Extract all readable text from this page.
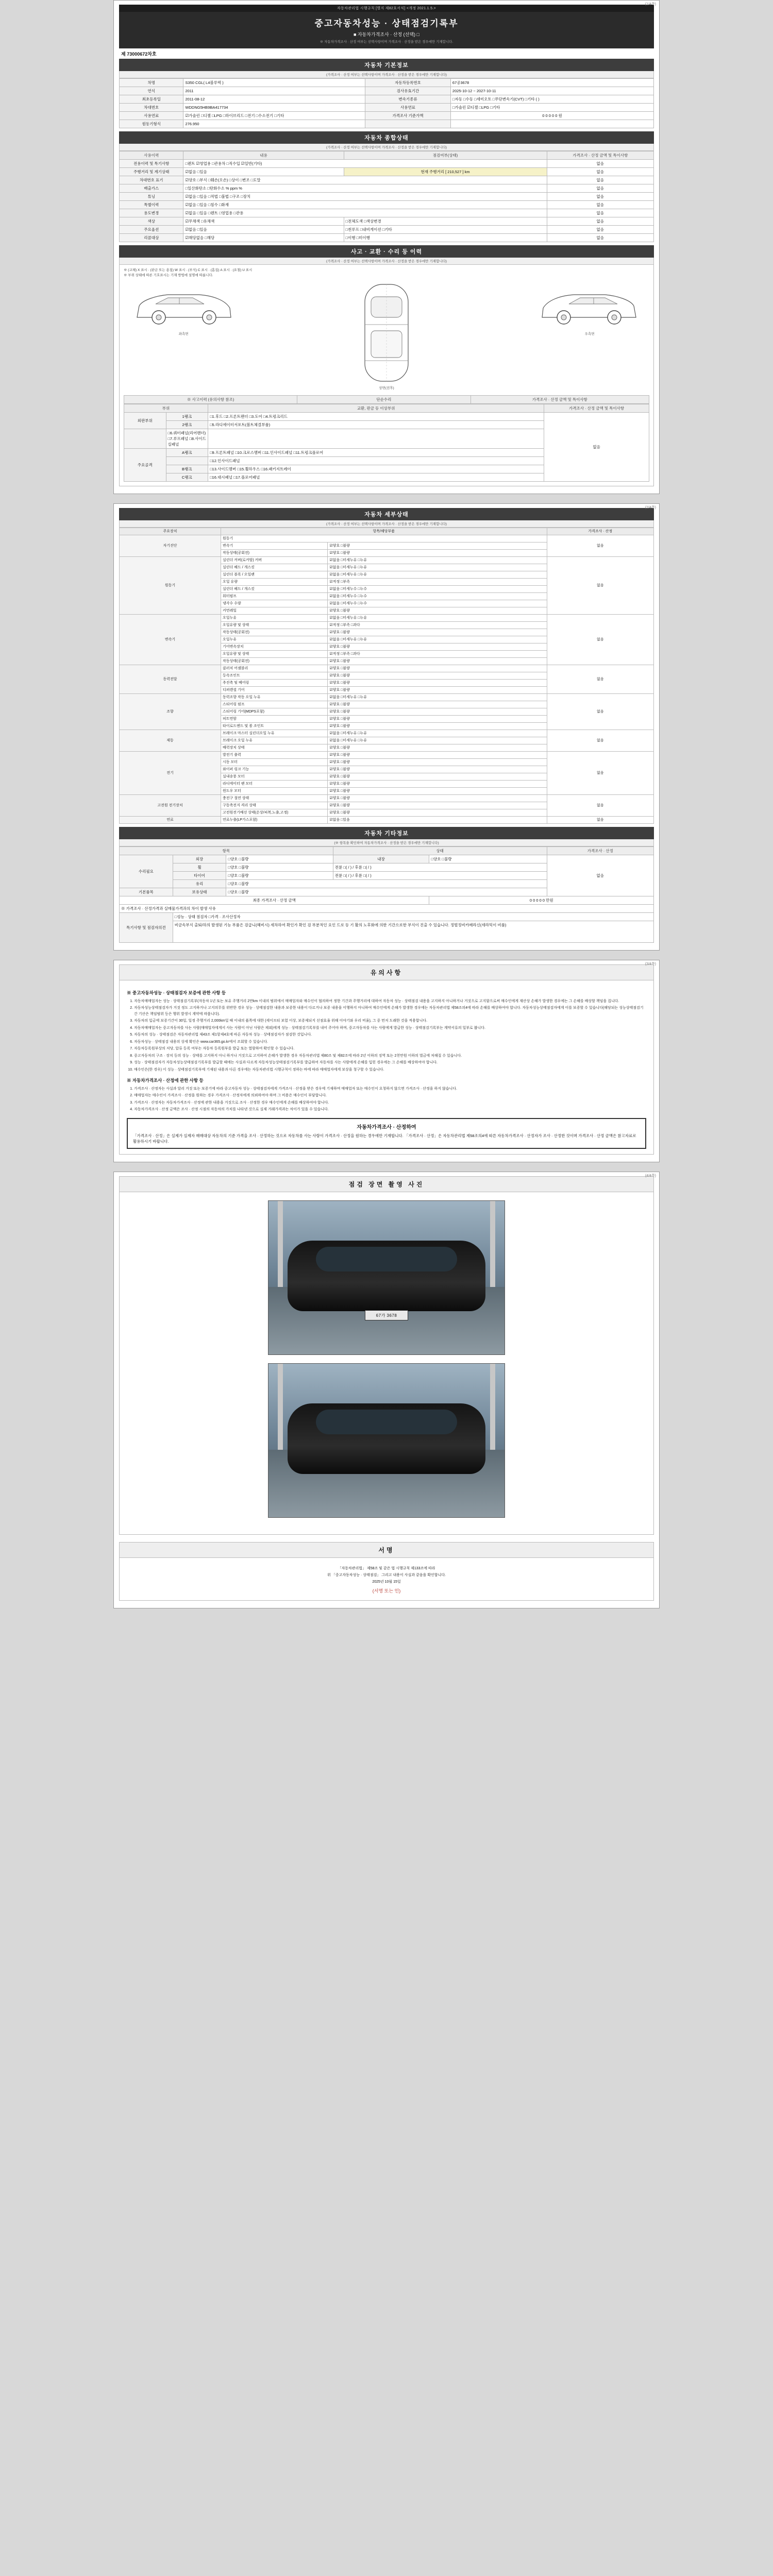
(1/4쪽)
자동차관리법 시행규칙 [별지 제82호서식] <개정 2021.1.5.>
중고자동차성능 · 상태점검기록부
■ 자동차가격조사 · 산정 (선택) □
※ 자동차가격조사 · 산정 여부는 선택사항이며 가격조사 · 산정을 받은 경우에만 기재합니다.
제 73000672차호
자동차 기본정보
(가격조사 · 산정 여부는 선택사항이며 가격조사 · 산정을 받은 경우에만 기재합니다)
차명	S350 CGL( L4블루텍 )	자동차등록번호	67공3678
연식	2011	검사유효기간	2025-10-12 ~ 2027-10-11
최초등록일	2011-08-12	변속기종류	□자동 □수동 □세미오토 □무단변속기(CVT) □기타 ( )
차대번호	WDDNG5HB9BA417734	사용연료	□가솔린 ☑디젤 □LPG □기타
사용연료	☑가솔린 □디젤 □LPG □하이브리드 □전기 □수소전기 □기타	가격조사 기준가액	0 0 0 0 0 원
원동기형식	276.950		
자동차 종합상태
(가격조사 · 산정 여부는 선택사항이며 가격조사 · 산정을 받은 경우에만 기재합니다)
사용이력	내용	점검여부(상태)	가격조사 · 산정 금액 및 특이사항
전용이력 및 특기사항	□렌트 ☑영업용 □관용차 □직수입 ☑일반(기타)		없음
주행거리 및 계기상태	☑없음 □있음	현재 주행거리 [ 210,527 ] km	없음
차대번호 표기	☑양호 □부식 □훼손(오손) □상이 □변조 □도말		없음
배출가스	□일산화탄소 □탄화수소 % ppm %		없음
튜닝	☑없음 □있음 □적법 □불법 □구조 □장치		없음
특별이력	☑없음 □있음 □침수 □화재		없음
용도변경	☑없음 □있음 □렌트 □영업용 □관용		없음
색상	☑무채색 □유채색	□전체도색 □색상변경	없음
주요옵션	☑없음 □있음	□썬루프 □내비게이션 □기타	없음
리콜대상	☑해당없음 □해당	□이행 □미이행	없음
사고 · 교환 · 수리 등 이력
(가격조사 · 산정 여부는 선택사항이며 가격조사 · 산정을 받은 경우에만 기재합니다)
※ (교체) X 표시 · (판금 또는 용접) W 표시 · (부식) C 표시 · (흠집) A 표시 · (요철) U 표시
※ 부위 상태에 따른 기호표시는 기재 방법에 설명에 따릅니다.
좌측면
상면(전후)
우측면
※ 사고이력 (유의사항 참조)	단순수리	가격조사 · 산정 금액 및 특이사항
부위		교환, 판금 등 이상부위	가격조사 · 산정 금액 및 특이사항
외판부위	1랭크	□1.후드 □2.프론트팬더 □3.도어 □4.트렁크리드	없음
	2랭크	□5.라디에이터서포트(볼트체결부품)	
	□6.쿼터패널(리어팬더) □7.루프패널 □8.사이드실패널		
주요골격	A랭크	□9.프론트패널 □10.크로스멤버 □11.인사이드패널 □11.트렁크플로어	
		□12.인사이드패널	
	B랭크	□13.사이드멤버 □15.휠하우스 □16.패키지트레이	
	C랭크	□16.대시패널 □17.플로어패널	
(2/4쪽)
자동차 세부상태
(가격조사 · 산정 여부는 선택사항이며 가격조사 · 산정을 받은 경우에만 기재합니다)
주요장치	항목/해당부품		가격조사 · 산정
자기진단	원동기		없음
	변속기	☑양호 □불량	
	작동상태(공회전)	☑양호 □불량	
원동기	실린더 커버(로커암) 커버	☑없음 □미세누유 □누유	없음
	실린더 헤드 / 개스킷	☑없음 □미세누유 □누유	
	실린더 블록 / 오일팬	☑없음 □미세누유 □누유	
	오일 유량	☑적정 □부족	
	실린더 헤드 / 개스킷	☑없음 □미세누수 □누수	
	워터펌프	☑없음 □미세누수 □누수	
	냉각수 수량	☑없음 □미세누수 □누수	
	커먼레일	☑양호 □불량	
변속기	오일누유	☑없음 □미세누유 □누유	없음
	오일유량 및 상태	☑적정 □부족 □과다	
	작동상태(공회전)	☑양호 □불량	
	오일누유	☑없음 □미세누유 □누유	
	기어변속장치	☑양호 □불량	
	오일유량 및 상태	☑적정 □부족 □과다	
	작동상태(공회전)	☑양호 □불량	
동력전달	클러치 어셈블리	☑양호 □불량	없음
	등속조인트	☑양호 □불량	
	추진축 및 베어링	☑양호 □불량	
	디퍼렌셜 기어	☑양호 □불량	
조향	동력조향 작동 오일 누유	☑없음 □미세누유 □누유	없음
	스티어링 펌프	☑양호 □불량	
	스티어링 기어(MDPS포함)	☑양호 □불량	
	피트먼암	☑양호 □불량	
	타이로드엔드 및 볼 조인트	☑양호 □불량	
제동	브레이크 마스터 실린더오일 누유	☑없음 □미세누유 □누유	없음
	브레이크 오일 누유	☑없음 □미세누유 □누유	
	배력장치 상태	☑양호 □불량	
전기	발전기 출력	☑양호 □불량	없음
	시동 모터	☑양호 □불량	
	와이퍼 링크 기능	☑양호 □불량	
	실내송풍 모터	☑양호 □불량	
	라디에이터 팬 모터	☑양호 □불량	
	윈도우 모터	☑양호 □불량	
고전원 전기장치	충전구 절연 상태	☑양호 □불량	없음
	구동축전지 격리 상태	☑양호 □불량	
	고전원전기배선 상태(손상/피복,노출,고정)	☑양호 □불량	
연료	연료누출(LP가스포함)	☑없음 □있음	없음
자동차 기타정보
(※ 항목을 확인하여 자동차가격조사 · 산정을 받은 경우에만 기재합니다)
항목			상태		가격조사 · 산정
수리필요	외장	□양호 □불량	내장	□양호 □불량	없음
	휠	□양호 □불량	전륜 □( / ) / 후륜 □( / )		
	타이어	□양호 □불량	전륜 □( / ) / 후륜 □( / )		
	유리	□양호 □불량			
기본품목	보유상태	□양호 □불량			
최종 가격조사 · 산정 금액				0 0 0 0 0 만원	
※ 가격조사 · 산정가격과 실매물가격과의 차이 발생 사유					
특기사항 및 점검자의견	□성능 · 상태 점검자 □가격 · 조사산정자				
	비금속부식 출퇴/하의 발생된 기능 부품은 검급니(헤비시) 세차하여 확인가 확인 검 부분적인 요인 드로 등 기 활의 노후화에 의한 기간으로한 부식이 진출 수 있습니다. 정벌정비카메라신(세라믹이 비품)				
(3/4쪽)
유의사항
※ 중고자동차성능 · 상태점검자 보증에 관한 사항 등
1. 자동차매매업자는 성능 · 상태점검기록부(자동차 1년 또는 보유 주행거리 2만km 이내의 범위에서 매매업자와 매수인이 협의하여 정한 기간과 주행거리에 대하여 자동차 성능 · 상태점검 내용을 고지하지 아니하거나 거짓으로 고지함으로써 매수인에게 재산상 손해가 발생한 경우에는 그 손해를 배상할 책임을 집니다.
2. 자동차성능상태점검자가 거짓 정도 고지하거나 고지의무를 위반한 경우 성능 · 상태점검한 내용과 보증한 내용이 다르거나 보증 내용을 이행하지 아니하여 매수인에게 손해가 발생한 경우에는 자동차관리법 제58조의4에 따라 손해를 배상하여야 합니다. 자동차성능상태점검자에게 이를 보증할 수 있습니다(해당되는 성능상태점검기간 기산은 책임범위 등은 행위 발생시 계약에 따릅니다).
3. 자동차의 입금에 보증기간이 30일, 일정 주행거리 2,000km일 때 이내의 품목에 대한 (세이프티 보험 이상, 보증제되지 선점효율 위해 이야기와 우리 비율), 그 중 먼저 도래한 것을 적용합니다.
4. 자동차매매업자는 중고자동차를 사는 사람(매매업자에게서 사는 사람이 아닌 사람은 제외)에게 성능 · 상태점검기록부를 내어 주어야 하며, 중고자동차를 사는 사람에게 발급한 성능 · 상태점검기록부는 계약서류의 일부로 봅니다.
5. 자동차의 성능 · 상태점검은 자동차관리법 제43조 제1항제4호에 따른 자동차 성능 · 상태점검자가 점검한 것입니다.
6. 자동차성능 · 상태점검 내용의 상세 확인은 www.car365.go.kr에서 조회할 수 있습니다.
7. 자동차등록원부상의 저당, 압류 등록 여부는 자동차 등록원부를 발급 또는 열람하여 확인할 수 있습니다.
8. 중고자동차의 구조 · 장치 등의 성능 · 상태를 고지하지 아니 하거나 거짓으로 고지하여 손해가 발생한 경우 자동차관리법 제80조 및 제82조에 따라 2년 이하의 징역 또는 2천만원 이하의 벌금에 처해질 수 있습니다.
9. 성능 · 상태점검자가 자동차성능상태점검기록부를 발급할 때에는 사실과 다르게 자동차성능상태점검기록부를 발급하여 자동차를 사는 사람에게 손해를 입힌 경우에는 그 손해를 배상하여야 합니다.
10. 매수인은(한 경우) 이 성능 · 상태점검기록부에 기재된 내용과 다른 경우에는 자동차관리법 시행규칙이 정하는 바에 따라 매매업자에게 보상을 청구할 수 있습니다.
※ 자동차가격조사 · 산정에 관한 사항 등
1. 가격조사 · 산정자는 사실과 달리 거짓 또는 보증기에 따라 중고자동차 성능 · 상태점검자에게 가격조사 · 산정을 받은 경우에 기재하며 매매업자 또는 매수인이 요청하지 않으면 가격조사 · 산정을 하지 않습니다.
2. 매매업자는 매수인이 가격조사 · 산정을 원하는 경우 가격조사 · 산정자에게 의뢰하여야 하며 그 비용은 매수인이 부담합니다.
3. 가격조사 · 산정자는 자동차가격조사 · 산정에 관한 내용을 거짓으로 조사 · 산정한 경우 매수인에게 손해를 배상하여야 합니다.
4. 자동차가격조사 · 산정 금액은 조사 · 산정 시점의 자동차의 가치를 나타낸 것으로 실제 거래가격과는 차이가 있을 수 있습니다.
자동차가격조사 · 산정하여
「가격조사 · 산정」은 실제가 실제자 매매대상 자동차의 기준 가격을 조사 · 산정하는 것으로 자동차를 사는 사람이 가격조사 · 산정을 원하는 경우에만 기재합니다. 「가격조사 · 산정」은 자동차관리법 제58조의4에 따른 자동차가격조사 · 산정자가 조사 · 산정한 것이며 가격조사 · 산정 금액은 참고자료로 활용하시기 바랍니다.
(4/4쪽)
점검 장면 촬영 사진
67가 3678
서명

「자동차관리법」 제58조 및 같은 법 시행규칙 제133조에 따라

위 「중고자동차성능 · 상태점검」 그리고 내용이 사실과 같음을 확인합니다.

2025년 10월 15일

(서명 또는 인)
